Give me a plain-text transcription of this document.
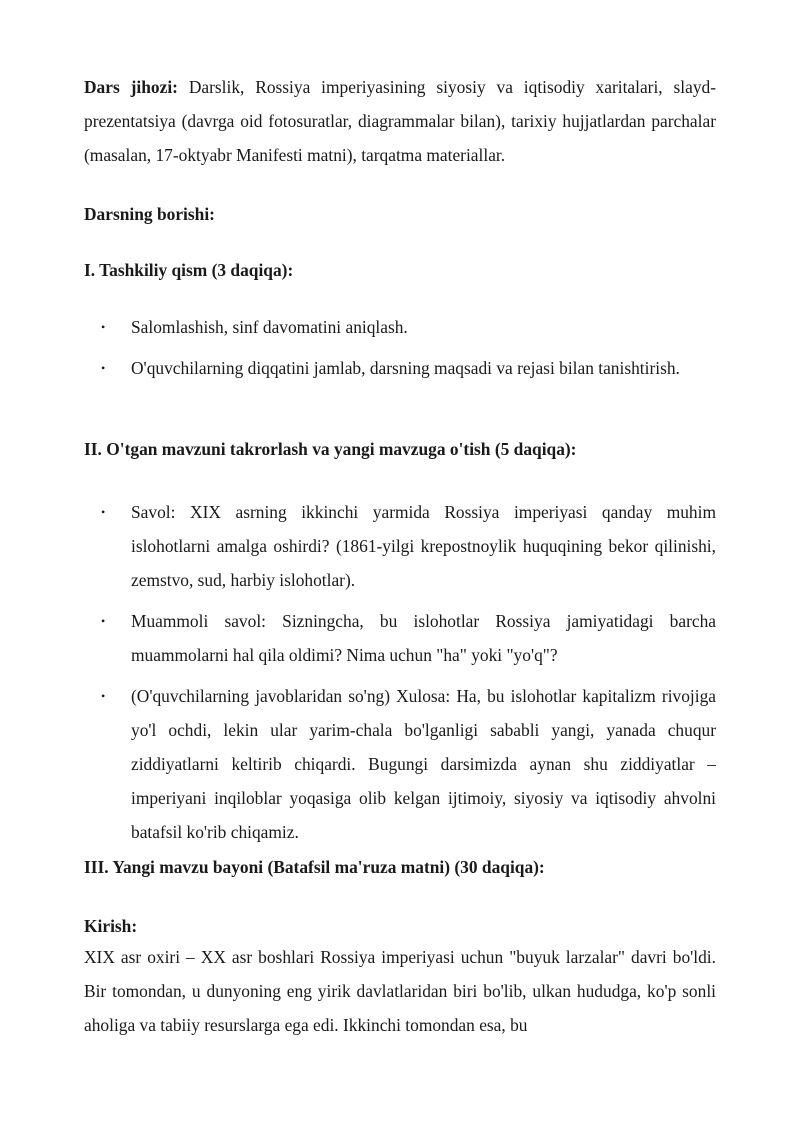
Dars jihozi: Darslik, Rossiya imperiyasining siyosiy va iqtisodiy xaritalari, slayd-prezentatsiya (davrga oid fotosuratlar, diagrammalar bilan), tarixiy hujjatlardan parchalar (masalan, 17-oktyabr Manifesti matni), tarqatma materiallar.

Darsning borishi:

I. Tashkiliy qism (3 daqiqa):

• Salomlashish, sinf davomatini aniqlash.
• O'quvchilarning diqqatini jamlab, darsning maqsadi va rejasi bilan tanishtirish.

II. O'tgan mavzuni takrorlash va yangi mavzuga o'tish (5 daqiqa):

• Savol: XIX asrning ikkinchi yarmida Rossiya imperiyasi qanday muhim islohotlarni amalga oshirdi? (1861-yilgi krepostnoylik huquqining bekor qilinishi, zemstvo, sud, harbiy islohotlar).
• Muammoli savol: Sizningcha, bu islohotlar Rossiya jamiyatidagi barcha muammolarni hal qila oldimi? Nima uchun "ha" yoki "yo'q"?
• (O'quvchilarning javoblaridan so'ng) Xulosa: Ha, bu islohotlar kapitalizm rivojiga yo'l ochdi, lekin ular yarim-chala bo'lganligi sababli yangi, yanada chuqur ziddiyatlarni keltirib chiqardi. Bugungi darsimizda aynan shu ziddiyatlar – imperiyani inqiloblar yoqasiga olib kelgan ijtimoiy, siyosiy va iqtisodiy ahvolni batafsil ko'rib chiqamiz.

III. Yangi mavzu bayoni (Batafsil ma'ruza matni) (30 daqiqa):

Kirish:

XIX asr oxiri – XX asr boshlari Rossiya imperiyasi uchun "buyuk larzalar" davri bo'ldi. Bir tomondan, u dunyoning eng yirik davlatlaridan biri bo'lib, ulkan hududga, ko'p sonli aholiga va tabiiy resurslarga ega edi. Ikkinchi tomondan esa, bu
